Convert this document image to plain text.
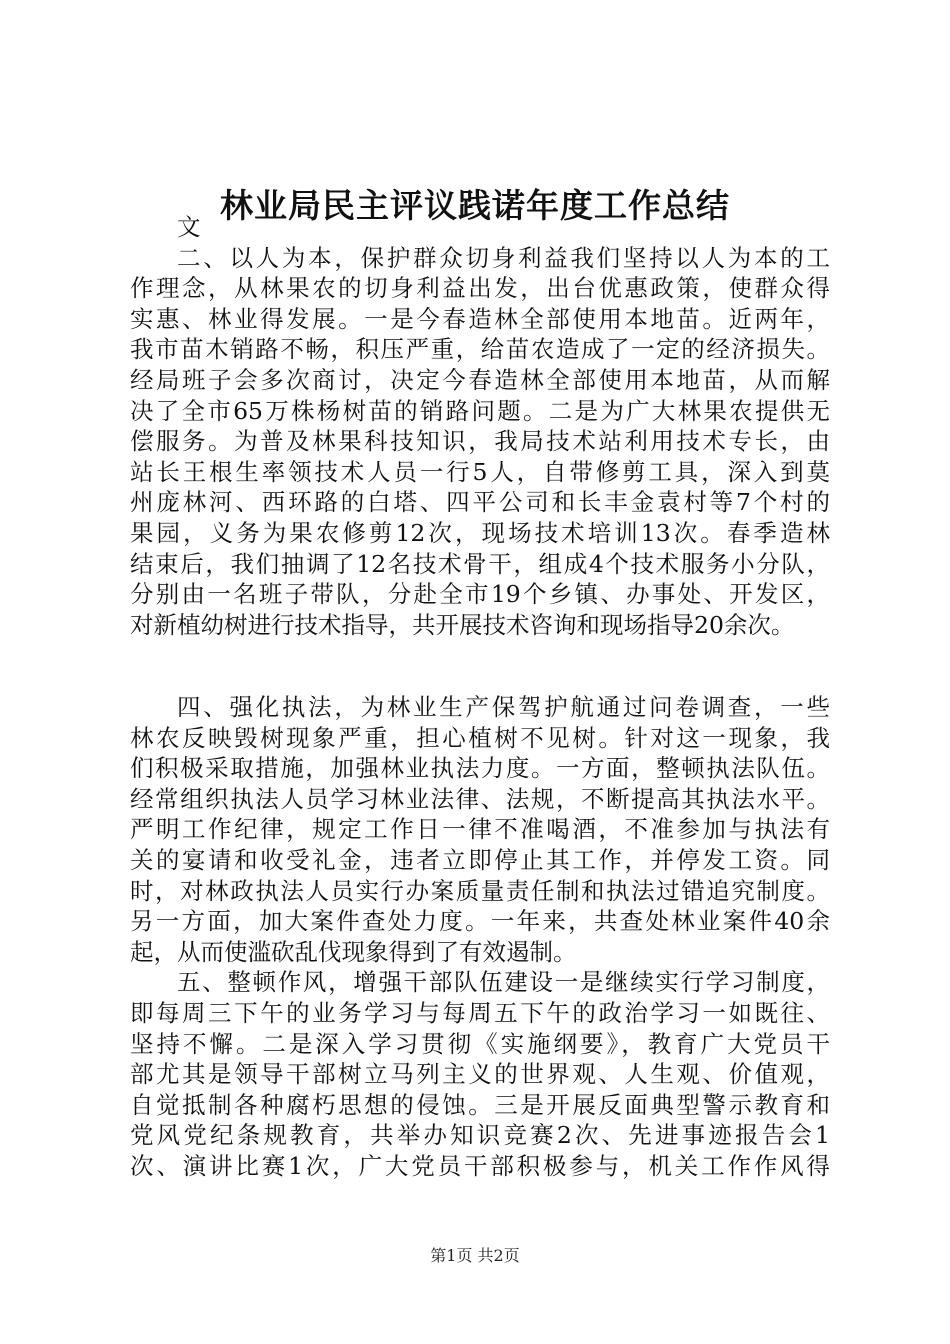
林业局民主评议践诺年度工作总结
文
二、以人为本，保护群众切身利益我们坚持以人为本的工
作理念，从林果农的切身利益出发，出台优惠政策，使群众得
实惠、林业得发展。一是今春造林全部使用本地苗。近两年，
我市苗木销路不畅，积压严重，给苗农造成了一定的经济损失。
经局班子会多次商讨，决定今春造林全部使用本地苗，从而解
决了全市65万株杨树苗的销路问题。二是为广大林果农提供无
偿服务。为普及林果科技知识，我局技术站利用技术专长，由
站长王根生率领技术人员一行5人，自带修剪工具，深入到莫
州庞林河、西环路的白塔、四平公司和长丰金袁村等7个村的
果园，义务为果农修剪12次，现场技术培训13次。春季造林
结束后，我们抽调了12名技术骨干，组成4个技术服务小分队，
分别由一名班子带队，分赴全市19个乡镇、办事处、开发区，
对新植幼树进行技术指导，共开展技术咨询和现场指导20余次。
四、强化执法，为林业生产保驾护航通过问卷调查，一些
林农反映毁树现象严重，担心植树不见树。针对这一现象，我
们积极采取措施，加强林业执法力度。一方面，整顿执法队伍。
经常组织执法人员学习林业法律、法规，不断提高其执法水平。
严明工作纪律，规定工作日一律不准喝酒，不准参加与执法有
关的宴请和收受礼金，违者立即停止其工作，并停发工资。同
时，对林政执法人员实行办案质量责任制和执法过错追究制度。
另一方面，加大案件查处力度。一年来，共查处林业案件40余
起，从而使滥砍乱伐现象得到了有效遏制。
五、整顿作风，增强干部队伍建设一是继续实行学习制度，
即每周三下午的业务学习与每周五下午的政治学习一如既往、
坚持不懈。二是深入学习贯彻《实施纲要》，教育广大党员干
部尤其是领导干部树立马列主义的世界观、人生观、价值观，
自觉抵制各种腐朽思想的侵蚀。三是开展反面典型警示教育和
党风党纪条规教育，共举办知识竞赛2次、先进事迹报告会1
次、演讲比赛1次，广大党员干部积极参与，机关工作作风得
第1页 共2页
